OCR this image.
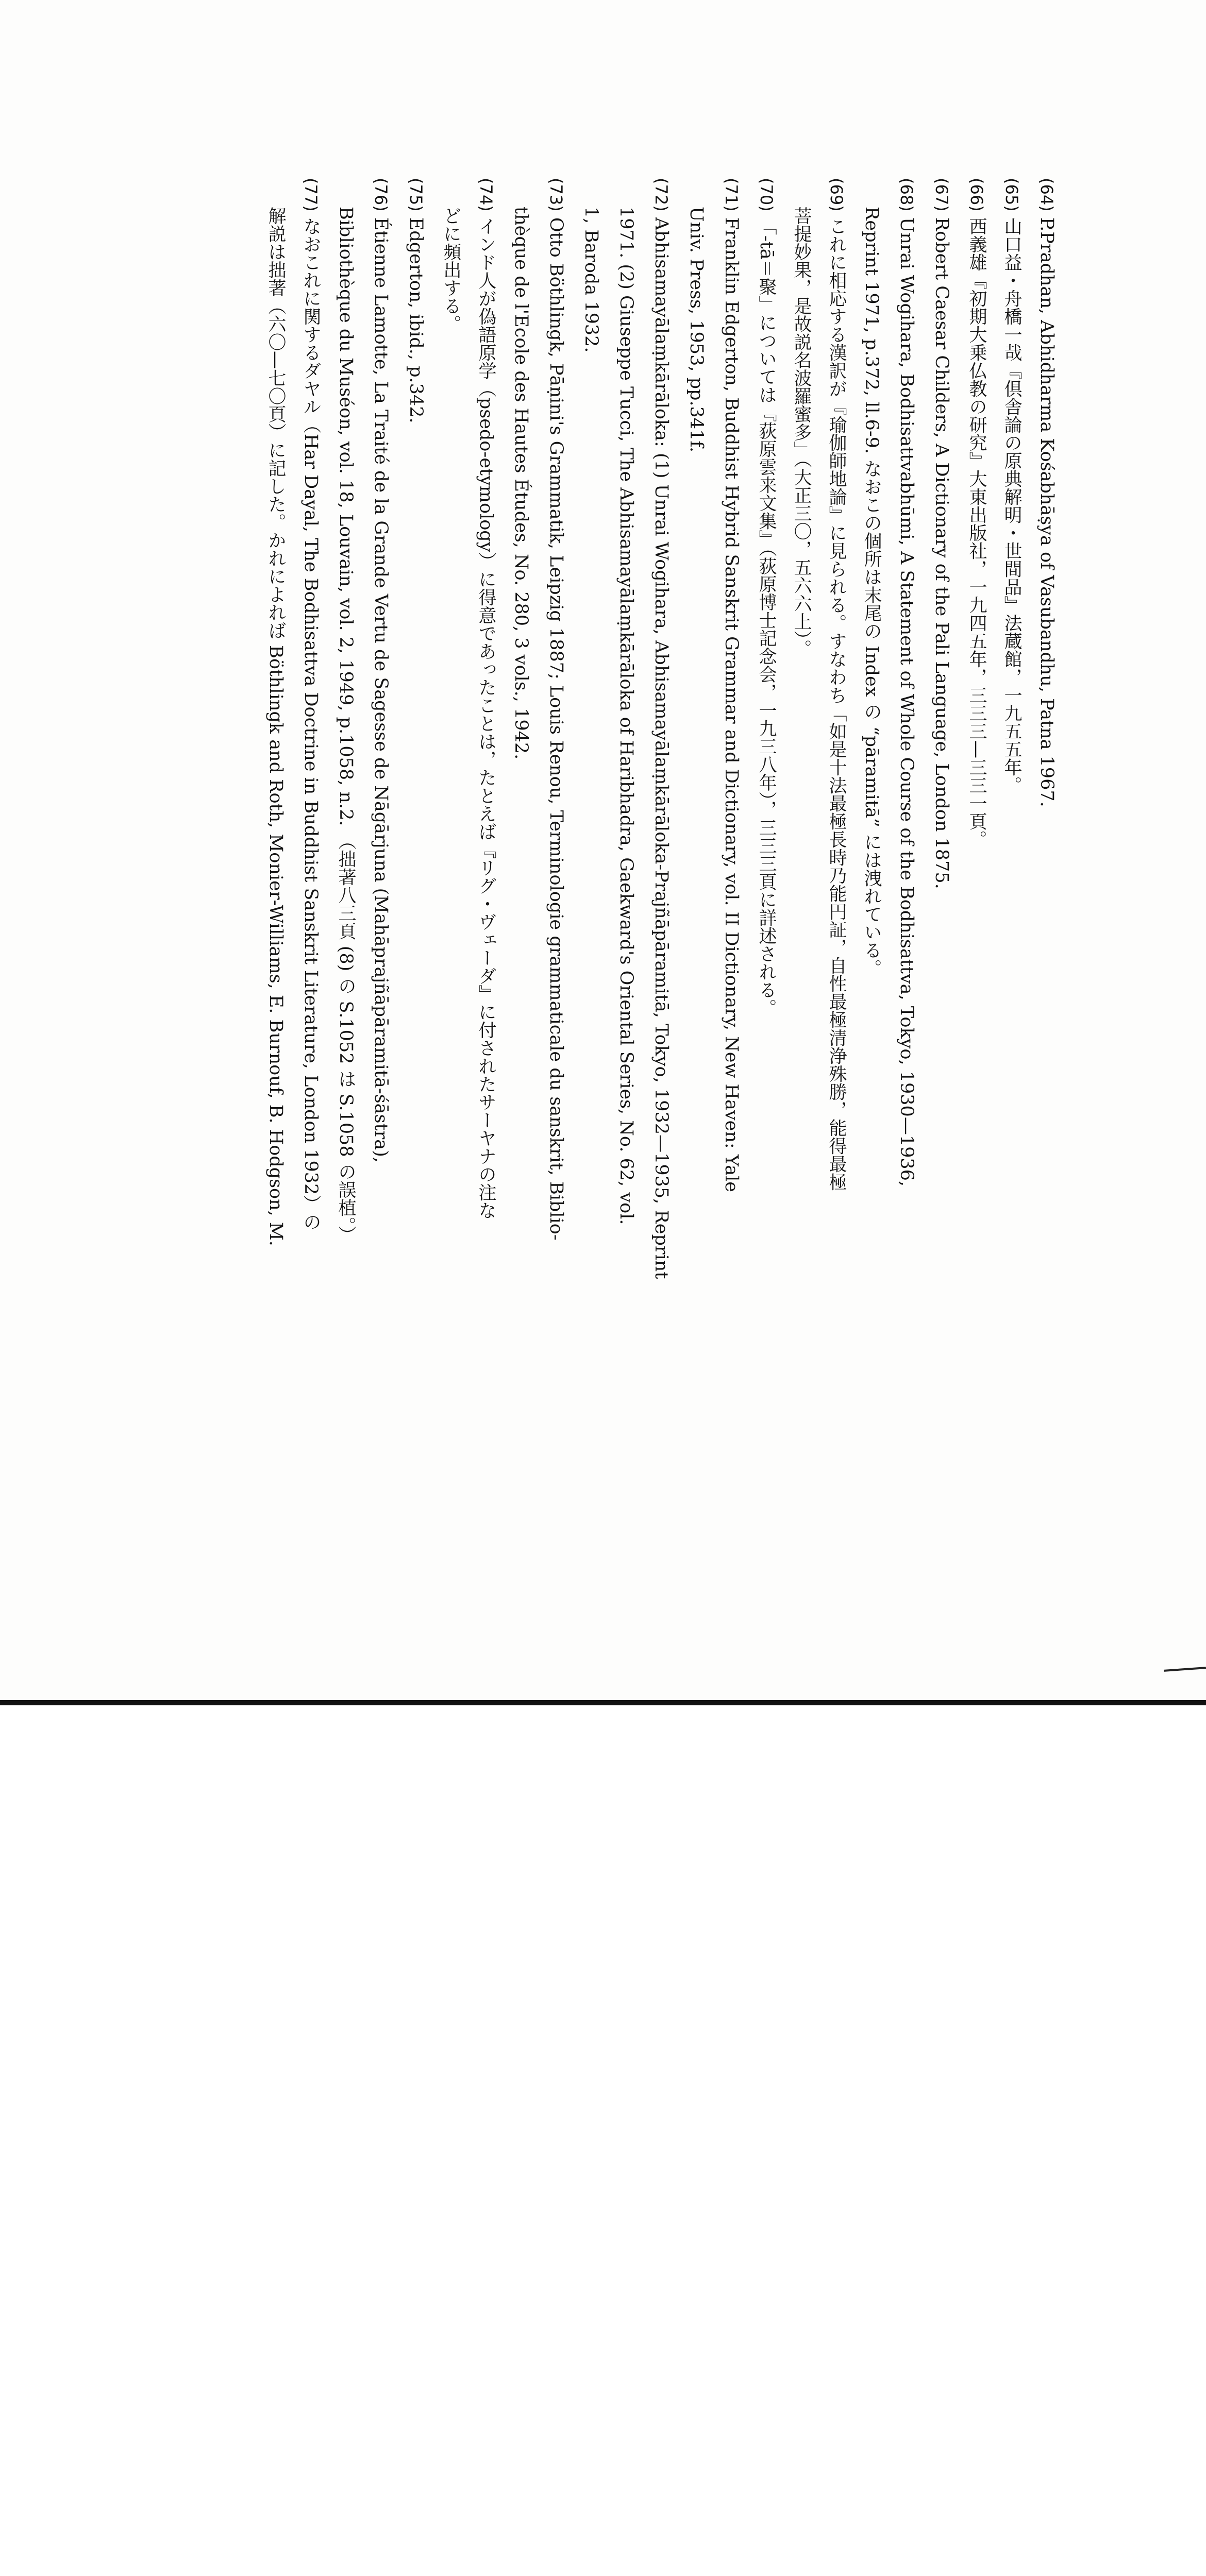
(64) P.Pradhan, Abhidharma Kośabhāṣya of Vasubandhu, Patna 1967.
(65) 山口益・舟橋一哉『倶舎論の原典解明・世間品』法蔵館，一九五五年。
(66) 西義雄『初期大乗仏教の研究』大東出版社，一九四五年，三三三—三三一頁。
(67) Robert Caesar Childers, A Dictionary of the Pali Language, London 1875.
(68) Unrai Wogihara, Bodhisattvabhūmi, A Statement of Whole Course of the Bodhisattva, Tokyo, 1930—1936,
Reprint 1971, p.372, ll.6-9. なおこの個所は末尾の Index の “pāramitā” には洩れている。
(69) これに相応する漢訳が『瑜伽師地論』に見られる。すなわち「如是十法最極長時乃能円証，自性最極清浄殊勝，能得最極
菩提妙果，是故説名波羅蜜多」（大正三〇，五六六上）。
(70) 「-tā＝聚」については『荻原雲来文集』（荻原博士記念会，一九三八年），三三三頁に詳述される。
(71) Franklin Edgerton, Buddhist Hybrid Sanskrit Grammar and Dictionary, vol. II Dictionary, New Haven: Yale
Univ. Press, 1953, pp.341f.
(72) Abhisamayālaṃkārāloka: (1) Unrai Wogihara, Abhisamayālaṃkārāloka-Prajñāpāramitā, Tokyo, 1932—1935, Reprint
1971. (2) Giuseppe Tucci, The Abhisamayālaṃkārāloka of Haribhadra, Gaekward's Oriental Series, No. 62, vol.
1, Baroda 1932.
(73) Otto Böthlingk, Pāṇini's Grammatik, Leipzig 1887; Louis Renou, Terminologie grammaticale du sanskrit, Biblio-
thèque de l'Ecole des Hautes Études, No. 280, 3 vols., 1942.
(74) インド人が偽語原学（psedo-etymology）に得意であったことは，たとえば『リグ・ヴェーダ』に付されたサーヤナの注な
どに頻出する。
(75) Edgerton, ibid., p.342.
(76) Étienne Lamotte, La Traité de la Grande Vertu de Sagesse de Nāgārjuna (Mahāprajñāpāramitā-śāstra),
Bibliothèque du Muséon, vol. 18, Louvain, vol. 2, 1949, p.1058, n.2. （拙著八三頁 (8) の S.1052 は S.1058 の誤植。）
(77) なおこれに関するダヤル（Har Dayal, The Bodhisattva Doctrine in Buddhist Sanskrit Literature, London 1932）の
解説は拙著（六〇—七〇頁）に記した。かれによれば Böthlingk and Roth, Monier-Williams, E. Burnouf, B. Hodgson, M.
